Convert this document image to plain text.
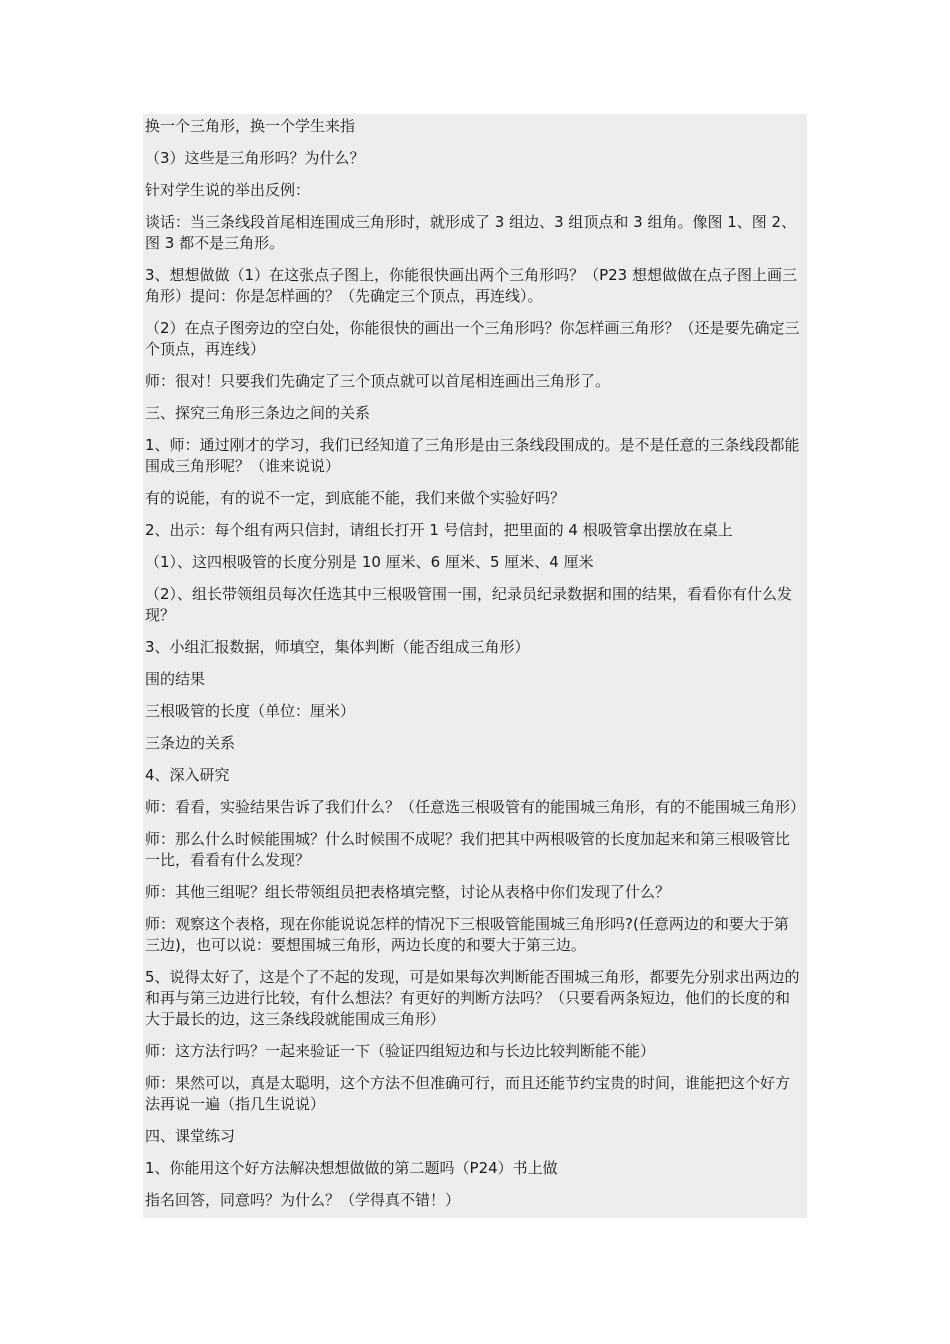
换一个三角形，换一个学生来指

（3）这些是三角形吗？为什么？

针对学生说的举出反例：

谈话：当三条线段首尾相连围成三角形时，就形成了 3 组边、3 组顶点和 3 组角。像图 1、图 2、图 3 都不是三角形。

3、想想做做（1）在这张点子图上，你能很快画出两个三角形吗？（P23 想想做做在点子图上画三角形）提问：你是怎样画的？（先确定三个顶点，再连线）。

（2）在点子图旁边的空白处，你能很快的画出一个三角形吗？你怎样画三角形？（还是要先确定三个顶点，再连线）

师：很对！只要我们先确定了三个顶点就可以首尾相连画出三角形了。

三、探究三角形三条边之间的关系

1、师：通过刚才的学习，我们已经知道了三角形是由三条线段围成的。是不是任意的三条线段都能围成三角形呢？（谁来说说）

有的说能，有的说不一定，到底能不能，我们来做个实验好吗？

2、出示：每个组有两只信封，请组长打开 1 号信封，把里面的 4 根吸管拿出摆放在桌上

（1）、这四根吸管的长度分别是 10 厘米、6 厘米、5 厘米、4 厘米

（2）、组长带领组员每次任选其中三根吸管围一围，纪录员纪录数据和围的结果，看看你有什么发现？

3、小组汇报数据，师填空，集体判断（能否组成三角形）

围的结果

三根吸管的长度（单位：厘米）

三条边的关系

4、深入研究

师：看看，实验结果告诉了我们什么？（任意选三根吸管有的能围城三角形，有的不能围城三角形）

师：那么什么时候能围城？什么时候围不成呢？我们把其中两根吸管的长度加起来和第三根吸管比一比，看看有什么发现？

师：其他三组呢？组长带领组员把表格填完整，讨论从表格中你们发现了什么？

师：观察这个表格，现在你能说说怎样的情况下三根吸管能围城三角形吗?(任意两边的和要大于第三边)，也可以说：要想围城三角形，两边长度的和要大于第三边。

5、说得太好了，这是个了不起的发现，可是如果每次判断能否围城三角形，都要先分别求出两边的和再与第三边进行比较，有什么想法？有更好的判断方法吗？（只要看两条短边，他们的长度的和大于最长的边，这三条线段就能围成三角形）

师：这方法行吗？一起来验证一下（验证四组短边和与长边比较判断能不能）

师：果然可以，真是太聪明，这个方法不但准确可行，而且还能节约宝贵的时间，谁能把这个好方法再说一遍（指几生说说）

四、课堂练习

1、你能用这个好方法解决想想做做的第二题吗（P24）书上做

指名回答，同意吗？为什么？（学得真不错！）
